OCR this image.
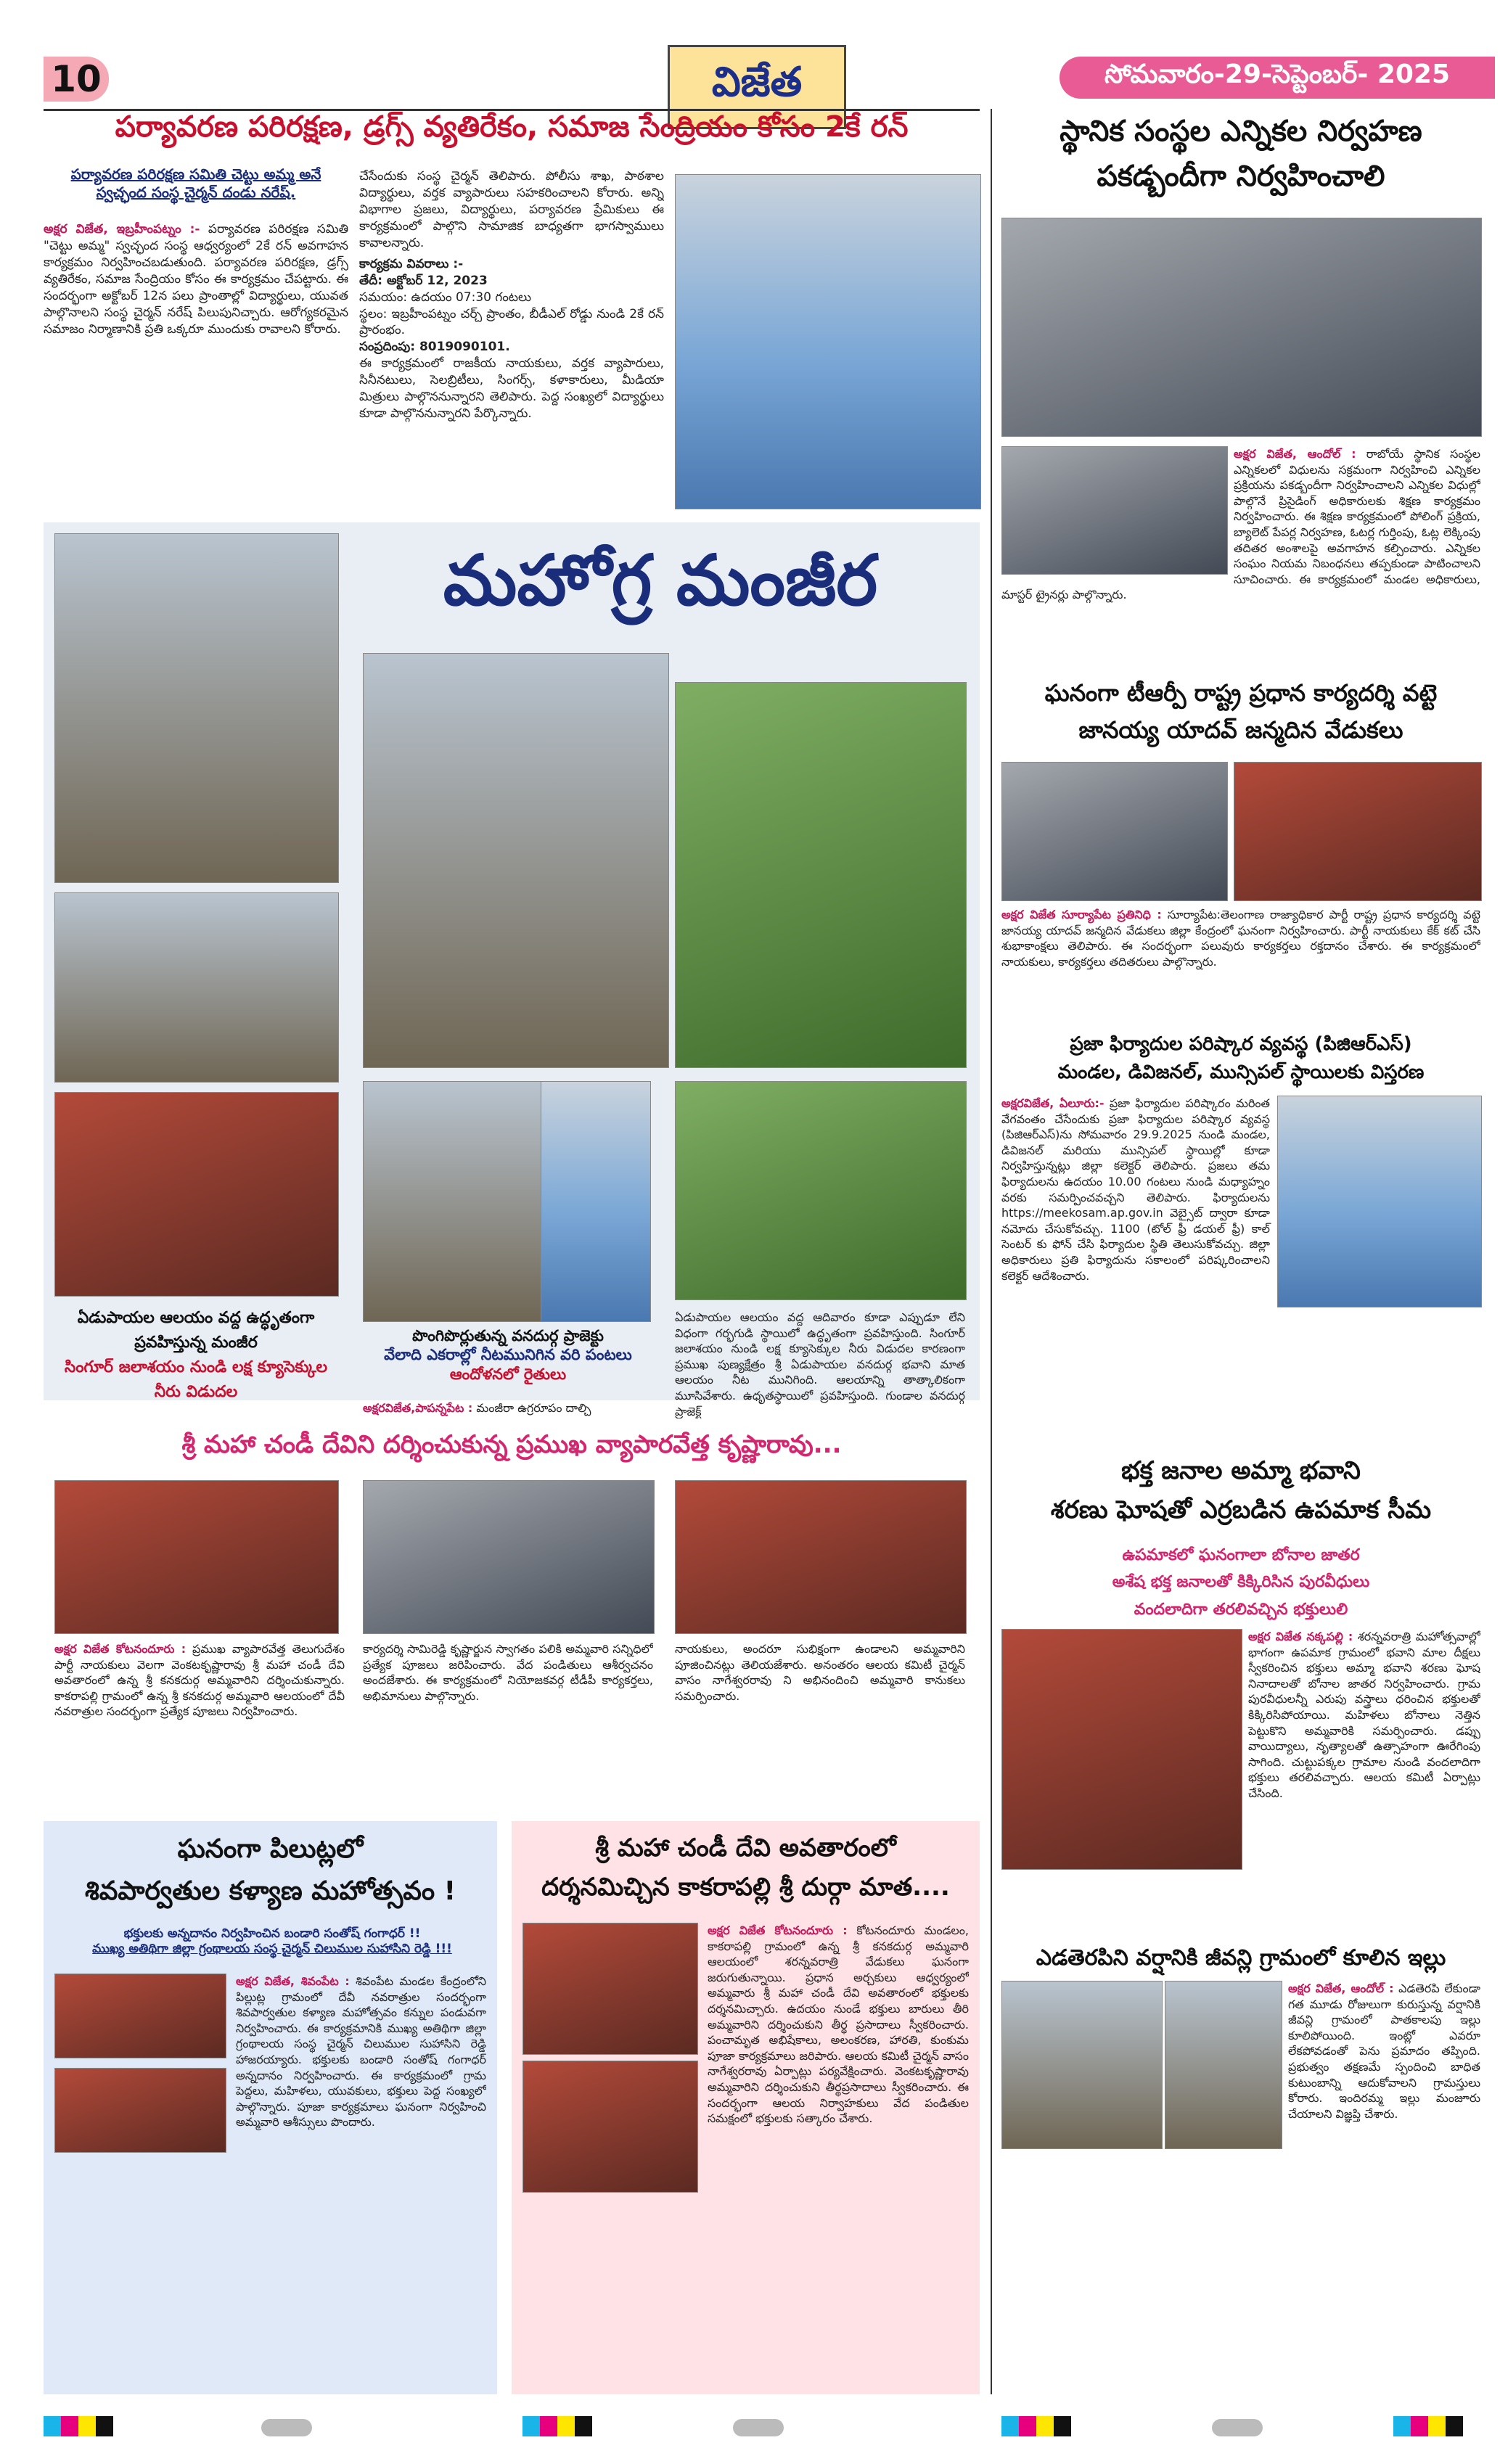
10	విజేత	సోమవారం-29-సెప్టెంబర్- 2025
పర్యావరణ పరిరక్షణ, డ్రగ్స్ వ్యతిరేకం, సమాజ సేంద్రియం కోసం 2కే రన్
పర్యావరణ పరిరక్షణ సమితి చెట్టు అమ్మ అనే స్వచ్ఛంద సంస్థ చైర్మన్ దండు నరేష్.
అక్షర విజేత, ఇబ్రహీంపట్నం :- పర్యావరణ పరిరక్షణ సమితి "చెట్టు అమ్మ" స్వచ్ఛంద సంస్థ ఆధ్వర్యంలో 2కే రన్ అవగాహన కార్యక్రమం నిర్వహించబడుతుంది. పర్యావరణ పరిరక్షణ, డ్రగ్స్ వ్యతిరేకం, సమాజ సేంద్రియం కోసం ఈ కార్యక్రమం చేపట్టారు. ఈ సందర్భంగా అక్టోబర్ 12న పలు ప్రాంతాల్లో విద్యార్థులు, యువత పాల్గొనాలని సంస్థ చైర్మన్ నరేష్ పిలుపునిచ్చారు. ఆరోగ్యకరమైన సమాజం నిర్మాణానికి ప్రతి ఒక్కరూ ముందుకు రావాలని కోరారు.
చేసేందుకు సంస్థ చైర్మన్ తెలిపారు. పోలీసు శాఖ, పాఠశాల విద్యార్థులు, వర్తక వ్యాపారులు సహకరించాలని కోరారు. అన్ని విభాగాల ప్రజలు, విద్యార్థులు, పర్యావరణ ప్రేమికులు ఈ కార్యక్రమంలో పాల్గొని సామాజిక బాధ్యతగా భాగస్వాములు కావాలన్నారు.
కార్యక్రమ వివరాలు :-
తేదీ: అక్టోబర్ 12, 2023
సమయం: ఉదయం 07:30 గంటలు
స్థలం: ఇబ్రహీంపట్నం చర్చ్ ప్రాంతం, బీడీఎల్ రోడ్డు నుండి 2కే రన్ ప్రారంభం.
సంప్రదింపు: 8019090101.
ఈ కార్యక్రమంలో రాజకీయ నాయకులు, వర్తక వ్యాపారులు, సినీనటులు, సెలబ్రిటీలు, సింగర్స్, కళాకారులు, మీడియా మిత్రులు పాల్గొననున్నారని తెలిపారు. పెద్ద సంఖ్యలో విద్యార్థులు కూడా పాల్గొననున్నారని పేర్కొన్నారు.
మహోగ్ర మంజీర
ఏడుపాయల ఆలయం వద్ద ఉద్ధృతంగా ప్రవహిస్తున్న మంజీర
సింగూర్ జలాశయం నుండి లక్ష క్యూసెక్కుల నీరు విడుదల
పొంగిపొర్లుతున్న వనదుర్గ ప్రాజెక్టు
వేలాది ఎకరాల్లో నీటమునిగిన వరి పంటలు
ఆందోళనలో రైతులు
అక్షరవిజేత,పాపన్నపేట : మంజీరా ఉగ్రరూపం దాల్చి
ఏడుపాయల ఆలయం వద్ద ఆదివారం కూడా ఎప్పుడూ లేని విధంగా గర్భగుడి స్థాయిలో ఉద్ధృతంగా ప్రవహిస్తుంది. సింగూర్ జలాశయం నుండి లక్ష క్యూసెక్కుల నీరు విడుదల కారణంగా ప్రముఖ పుణ్యక్షేత్రం శ్రీ ఏడుపాయల వనదుర్గ భవాని మాత ఆలయం నీట మునిగింది. ఆలయాన్ని తాత్కాలికంగా మూసివేశారు. ఉధృతస్థాయిలో ప్రవహిస్తుంది. గుండాల వనదుర్గ ప్రాజెక్ట్
శ్రీ మహా చండీ దేవిని దర్శించుకున్న ప్రముఖ వ్యాపారవేత్త కృష్ణారావు...
అక్షర విజేత కోటనందూరు : ప్రముఖ వ్యాపారవేత్త తెలుగుదేశం పార్టీ నాయకులు వెలగా వెంకటకృష్ణారావు శ్రీ మహా చండీ దేవి అవతారంలో ఉన్న శ్రీ కనకదుర్గ అమ్మవారిని దర్శించుకున్నారు. కాకరాపల్లి గ్రామంలో ఉన్న శ్రీ కనకదుర్గ అమ్మవారి ఆలయంలో దేవీ నవరాత్రుల సందర్భంగా ప్రత్యేక పూజలు నిర్వహించారు.
కార్యదర్శి సామిరెడ్డి కృష్ణార్జున స్వాగతం పలికి అమ్మవారి సన్నిధిలో ప్రత్యేక పూజలు జరిపించారు. వేద పండితులు ఆశీర్వచనం అందజేశారు. ఈ కార్యక్రమంలో నియోజకవర్గ టీడీపీ కార్యకర్తలు, అభిమానులు పాల్గొన్నారు.
నాయకులు, అందరూ సుభిక్షంగా ఉండాలని అమ్మవారిని పూజించినట్లు తెలియజేశారు. అనంతరం ఆలయ కమిటీ చైర్మన్ వాసం నాగేశ్వరరావు ని అభినందించి అమ్మవారి కానుకలు సమర్పించారు.
ఘనంగా పిలుట్లలో
శివపార్వతుల కళ్యాణ మహోత్సవం !
భక్తులకు అన్నదానం నిర్వహించిన బండారి సంతోష్ గంగాధర్ !!
ముఖ్య అతిథిగా జిల్లా గ్రంథాలయ సంస్థ చైర్మన్ చిలుముల సుహాసిని రెడ్డి !!!
అక్షర విజేత, శివంపేట : శివంపేట మండల కేంద్రంలోని పిల్లుట్ల గ్రామంలో దేవీ నవరాత్రుల సందర్భంగా శివపార్వతుల కళ్యాణ మహోత్సవం కన్నుల పండువగా నిర్వహించారు. ఈ కార్యక్రమానికి ముఖ్య అతిథిగా జిల్లా గ్రంథాలయ సంస్థ చైర్మన్ చిలుముల సుహాసిని రెడ్డి హాజరయ్యారు. భక్తులకు బండారి సంతోష్ గంగాధర్ అన్నదానం నిర్వహించారు. ఈ కార్యక్రమంలో గ్రామ పెద్దలు, మహిళలు, యువకులు, భక్తులు పెద్ద సంఖ్యలో పాల్గొన్నారు. పూజా కార్యక్రమాలు ఘనంగా నిర్వహించి అమ్మవారి ఆశీస్సులు పొందారు.
శ్రీ మహా చండీ దేవి అవతారంలో
దర్శనమిచ్చిన కాకరాపల్లి శ్రీ దుర్గా మాత....
అక్షర విజేత కోటనందూరు : కోటనందూరు మండలం, కాకరాపల్లి గ్రామంలో ఉన్న శ్రీ కనకదుర్గ అమ్మవారి ఆలయంలో శరన్నవరాత్రి వేడుకలు ఘనంగా జరుగుతున్నాయి. ప్రధాన అర్చకులు ఆధ్వర్యంలో అమ్మవారు శ్రీ మహా చండీ దేవి అవతారంలో భక్తులకు దర్శనమిచ్చారు. ఉదయం నుండే భక్తులు బారులు తీరి అమ్మవారిని దర్శించుకుని తీర్థ ప్రసాదాలు స్వీకరించారు. పంచామృత అభిషేకాలు, అలంకరణ, హారతి, కుంకుమ పూజా కార్యక్రమాలు జరిపారు. ఆలయ కమిటీ చైర్మన్ వాసం నాగేశ్వరరావు ఏర్పాట్లు పర్యవేక్షించారు. వెంకటకృష్ణారావు అమ్మవారిని దర్శించుకుని తీర్థప్రసాదాలు స్వీకరించారు. ఈ సందర్భంగా ఆలయ నిర్వాహకులు వేద పండితుల సమక్షంలో భక్తులకు సత్కారం చేశారు.
స్థానిక సంస్థల ఎన్నికల నిర్వహణ
పకడ్బందీగా నిర్వహించాలి
అక్షర విజేత, ఆందోల్ : రాబోయే స్థానిక సంస్థల ఎన్నికలలో విధులను సక్రమంగా నిర్వహించి ఎన్నికల ప్రక్రియను పకడ్బందీగా నిర్వహించాలని ఎన్నికల విధుల్లో పాల్గొనే ప్రిసైడింగ్ అధికారులకు శిక్షణ కార్యక్రమం నిర్వహించారు. ఈ శిక్షణ కార్యక్రమంలో పోలింగ్ ప్రక్రియ, బ్యాలెట్ పేపర్ల నిర్వహణ, ఓటర్ల గుర్తింపు, ఓట్ల లెక్కింపు తదితర అంశాలపై అవగాహన కల్పించారు. ఎన్నికల సంఘం నియమ నిబంధనలు తప్పకుండా పాటించాలని సూచించారు. ఈ కార్యక్రమంలో మండల అధికారులు, మాస్టర్ ట్రైనర్లు పాల్గొన్నారు.
ఘనంగా టీఆర్పీ రాష్ట్ర ప్రధాన కార్యదర్శి వట్టె
జానయ్య యాదవ్ జన్మదిన వేడుకలు
అక్షర విజేత సూర్యాపేట ప్రతినిధి : సూర్యాపేట:తెలంగాణ రాజ్యాధికార పార్టీ రాష్ట్ర ప్రధాన కార్యదర్శి వట్టె జానయ్య యాదవ్ జన్మదిన వేడుకలు జిల్లా కేంద్రంలో ఘనంగా నిర్వహించారు. పార్టీ నాయకులు కేక్ కట్ చేసి శుభాకాంక్షలు తెలిపారు. ఈ సందర్భంగా పలువురు కార్యకర్తలు రక్తదానం చేశారు. ఈ కార్యక్రమంలో నాయకులు, కార్యకర్తలు తదితరులు పాల్గొన్నారు.
ప్రజా ఫిర్యాదుల పరిష్కార వ్యవస్థ (పిజిఆర్ఎస్)
మండల, డివిజనల్, మున్సిపల్ స్థాయిలకు విస్తరణ
అక్షరవిజేత, ఏలూరు:- ప్రజా ఫిర్యాదుల పరిష్కారం మరింత వేగవంతం చేసేందుకు ప్రజా ఫిర్యాదుల పరిష్కార వ్యవస్థ (పిజిఆర్ఎస్)ను సోమవారం 29.9.2025 నుండి మండల, డివిజనల్ మరియు మున్సిపల్ స్థాయిల్లో కూడా నిర్వహిస్తున్నట్లు జిల్లా కలెక్టర్ తెలిపారు. ప్రజలు తమ ఫిర్యాదులను ఉదయం 10.00 గంటలు నుండి మధ్యాహ్నం వరకు సమర్పించవచ్చని తెలిపారు. ఫిర్యాదులను https://meekosam.ap.gov.in వెబ్సైట్ ద్వారా కూడా నమోదు చేసుకోవచ్చు. 1100 (టోల్ ఫ్రీ డయల్ ఫ్రీ) కాల్ సెంటర్ కు ఫోన్ చేసి ఫిర్యాదుల స్థితి తెలుసుకోవచ్చు. జిల్లా అధికారులు ప్రతి ఫిర్యాదును సకాలంలో పరిష్కరించాలని కలెక్టర్ ఆదేశించారు.
భక్త జనాల అమ్మా భవాని
శరణు ఘోషతో ఎర్రబడిన ఉపమాక సీమ
ఉపమాకలో ఘనంగాలా బోనాల జాతర
అశేష భక్త జనాలతో కిక్కిరిసిన పురవీధులు
వందలాదిగా తరలివచ్చిన భక్తులులి
అక్షర విజేత నక్కపల్లి : శరన్నవరాత్రి మహోత్సవాల్లో భాగంగా ఉపమాక గ్రామంలో భవాని మాల దీక్షలు స్వీకరించిన భక్తులు అమ్మా భవాని శరణు ఘోష నినాదాలతో బోనాల జాతర నిర్వహించారు. గ్రామ పురవీధులన్నీ ఎరుపు వస్త్రాలు ధరించిన భక్తులతో కిక్కిరిసిపోయాయి. మహిళలు బోనాలు నెత్తిన పెట్టుకొని అమ్మవారికి సమర్పించారు. డప్పు వాయిద్యాలు, నృత్యాలతో ఉత్సాహంగా ఊరేగింపు సాగింది. చుట్టుపక్కల గ్రామాల నుండి వందలాదిగా భక్తులు తరలివచ్చారు. ఆలయ కమిటీ ఏర్పాట్లు చేసింది.
ఎడతెరపిని వర్షానికి జీవన్లి గ్రామంలో కూలిన ఇల్లు
అక్షర విజేత, ఆందోల్ : ఎడతెరపి లేకుండా గత మూడు రోజులుగా కురుస్తున్న వర్షానికి జీవన్లి గ్రామంలో పాతకాలపు ఇల్లు కూలిపోయింది. ఇంట్లో ఎవరూ లేకపోవడంతో పెను ప్రమాదం తప్పింది. ప్రభుత్వం తక్షణమే స్పందించి బాధిత కుటుంబాన్ని ఆదుకోవాలని గ్రామస్తులు కోరారు. ఇందిరమ్మ ఇల్లు మంజూరు చేయాలని విజ్ఞప్తి చేశారు.
